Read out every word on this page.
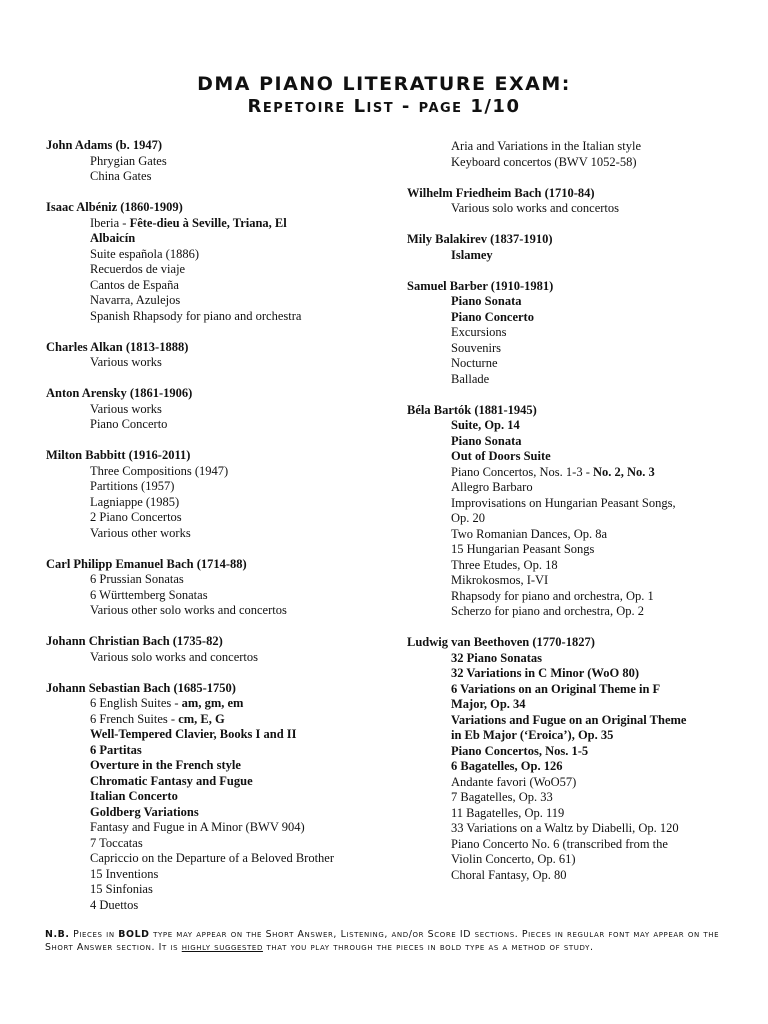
DMA PIANO LITERATURE EXAM:
Repetoire List - page 1/10
John Adams (b. 1947)
Phrygian Gates
China Gates
Isaac Albéniz (1860-1909)
Iberia - Fête-dieu à Seville, Triana, El
Albaicín
Suite española (1886)
Recuerdos de viaje
Cantos de España
Navarra, Azulejos
Spanish Rhapsody for piano and orchestra
Charles Alkan (1813-1888)
Various works
Anton Arensky (1861-1906)
Various works
Piano Concerto
Milton Babbitt (1916-2011)
Three Compositions (1947)
Partitions (1957)
Lagniappe (1985)
2 Piano Concertos
Various other works
Carl Philipp Emanuel Bach (1714-88)
6 Prussian Sonatas
6 Württemberg Sonatas
Various other solo works and concertos
Johann Christian Bach (1735-82)
Various solo works and concertos
Johann Sebastian Bach (1685-1750)
6 English Suites - am, gm, em
6 French Suites - cm, E, G
Well-Tempered Clavier, Books I and II
6 Partitas
Overture in the French style
Chromatic Fantasy and Fugue
Italian Concerto
Goldberg Variations
Fantasy and Fugue in A Minor (BWV 904)
7 Toccatas
Capriccio on the Departure of a Beloved Brother
15 Inventions
15 Sinfonias
4 Duettos
Aria and Variations in the Italian style
Keyboard concertos (BWV 1052-58)
Wilhelm Friedheim Bach (1710-84)
Various solo works and concertos
Mily Balakirev (1837-1910)
Islamey
Samuel Barber (1910-1981)
Piano Sonata
Piano Concerto
Excursions
Souvenirs
Nocturne
Ballade
Béla Bartók (1881-1945)
Suite, Op. 14
Piano Sonata
Out of Doors Suite
Piano Concertos, Nos. 1-3 - No. 2, No. 3
Allegro Barbaro
Improvisations on Hungarian Peasant Songs,
Op. 20
Two Romanian Dances, Op. 8a
15 Hungarian Peasant Songs
Three Etudes, Op. 18
Mikrokosmos, I-VI
Rhapsody for piano and orchestra, Op. 1
Scherzo for piano and orchestra, Op. 2
Ludwig van Beethoven (1770-1827)
32 Piano Sonatas
32 Variations in C Minor (WoO 80)
6 Variations on an Original Theme in F
Major, Op. 34
Variations and Fugue on an Original Theme
in Eb Major (‘Eroica’), Op. 35
Piano Concertos, Nos. 1-5
6 Bagatelles, Op. 126
Andante favori (WoO57)
7 Bagatelles, Op. 33
11 Bagatelles, Op. 119
33 Variations on a Waltz by Diabelli, Op. 120
Piano Concerto No. 6 (transcribed from the
Violin Concerto, Op. 61)
Choral Fantasy, Op. 80
N.B. Pieces in BOLD type may appear on the Short Answer, Listening, and/or Score ID sections. Pieces in regular font may appear on the Short Answer section. It is highly suggested that you play through the pieces in bold type as a method of study.
